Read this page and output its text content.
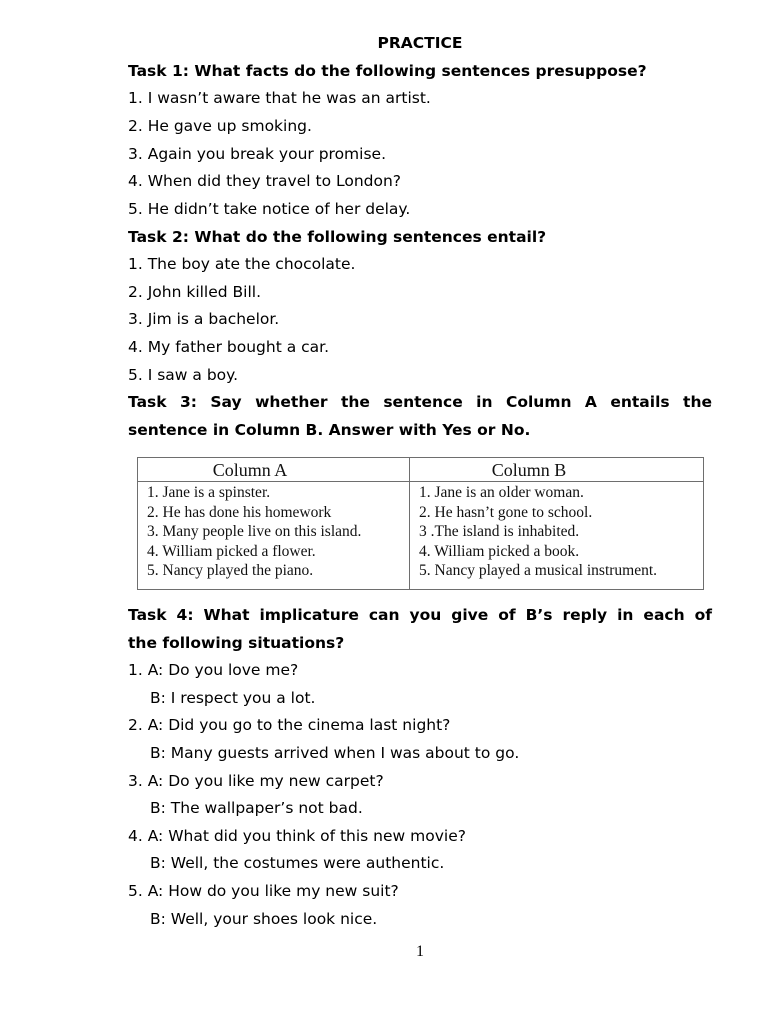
PRACTICE
Task 1: What facts do the following sentences presuppose?
1. I wasn’t aware that he was an artist.
2. He gave up smoking.
3. Again you break your promise.
4. When did they travel to London?
5. He didn’t take notice of her delay.
Task 2: What do the following sentences entail?
1. The boy ate the chocolate.
2. John killed Bill.
3. Jim is a bachelor.
4. My father bought a car.
5. I saw a boy.
Task 3: Say whether the sentence in Column A entails the
sentence in Column B. Answer with Yes or No.
Column A	Column B
1. Jane is a spinster.
2. He has done his homework
3. Many people live on this island.
4. William picked a flower.
5. Nancy played the piano.
1. Jane is an older woman.
2. He hasn’t gone to school.
3 .The island is inhabited.
4. William picked a book.
5. Nancy played a musical instrument.
Task 4: What implicature can you give of B’s reply in each of
the following situations?
1. A: Do you love me?
B: I respect you a lot.
2. A: Did you go to the cinema last night?
B: Many guests arrived when I was about to go.
3. A: Do you like my new carpet?
B: The wallpaper’s not bad.
4. A: What did you think of this new movie?
B: Well, the costumes were authentic.
5. A: How do you like my new suit?
B: Well, your shoes look nice.
1
